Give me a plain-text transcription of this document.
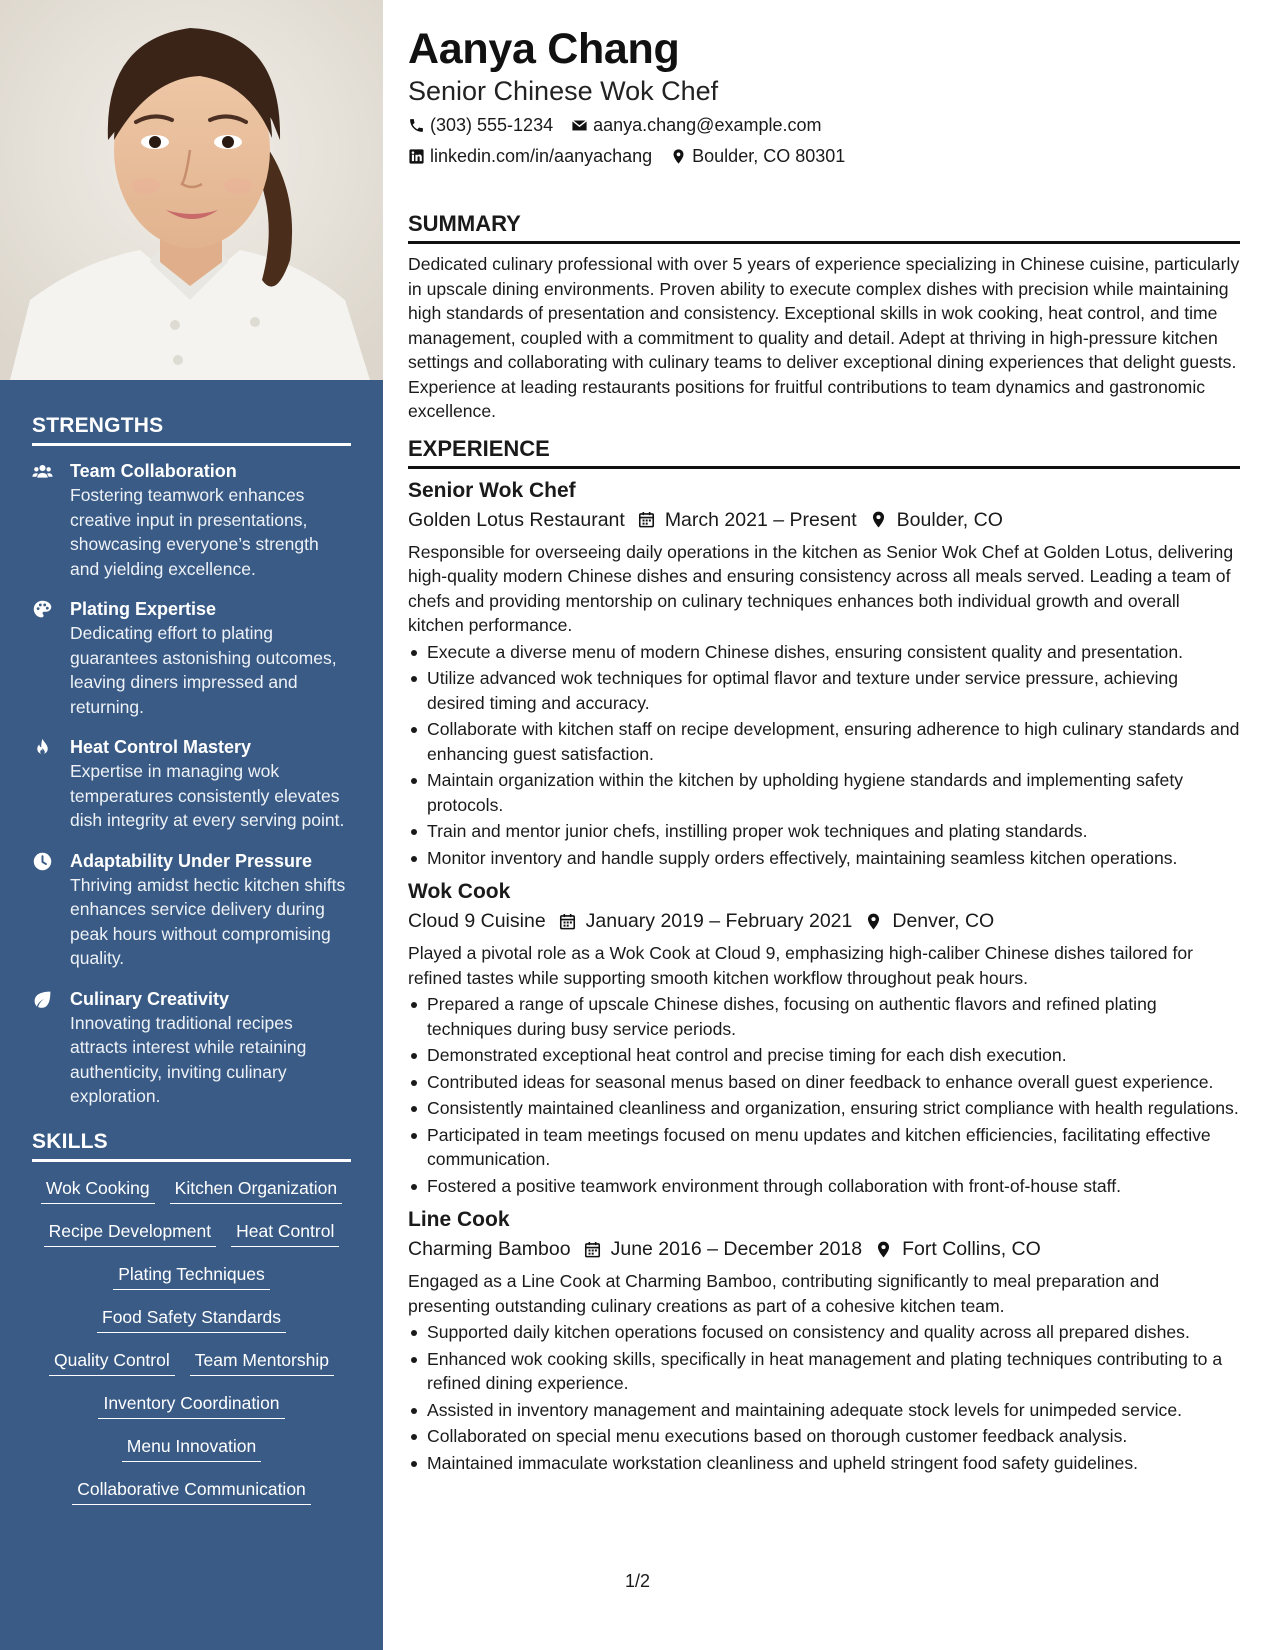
STRENGTHS
Team Collaboration
Fostering teamwork enhances creative input in presentations, showcasing everyone’s strength and yielding excellence.
Plating Expertise
Dedicating effort to plating guarantees astonishing outcomes, leaving diners impressed and returning.
Heat Control Mastery
Expertise in managing wok temperatures consistently elevates dish integrity at every serving point.
Adaptability Under Pressure
Thriving amidst hectic kitchen shifts enhances service delivery during peak hours without compromising quality.
Culinary Creativity
Innovating traditional recipes attracts interest while retaining authenticity, inviting culinary exploration.
SKILLS
Wok Cooking Kitchen Organization
Recipe Development Heat Control
Plating Techniques
Food Safety Standards
Quality Control Team Mentorship
Inventory Coordination
Menu Innovation
Collaborative Communication
Aanya Chang
Senior Chinese Wok Chef
(303) 555-1234 aanya.chang@example.com
linkedin.com/in/aanyachang Boulder, CO 80301
SUMMARY

Dedicated culinary professional with over 5 years of experience specializing in Chinese cuisine, particularly in upscale dining environments. Proven ability to execute complex dishes with precision while maintaining high standards of presentation and consistency. Exceptional skills in wok cooking, heat control, and time management, coupled with a commitment to quality and detail. Adept at thriving in high-pressure kitchen settings and collaborating with culinary teams to deliver exceptional dining experiences that delight guests. Experience at leading restaurants positions for fruitful contributions to team dynamics and gastronomic excellence.

EXPERIENCE
Senior Wok Chef
Golden Lotus Restaurant March 2021 – Present Boulder, CO

Responsible for overseeing daily operations in the kitchen as Senior Wok Chef at Golden Lotus, delivering high-quality modern Chinese dishes and ensuring consistency across all meals served. Leading a team of chefs and providing mentorship on culinary techniques enhances both individual growth and overall kitchen performance.

Execute a diverse menu of modern Chinese dishes, ensuring consistent quality and presentation.
Utilize advanced wok techniques for optimal flavor and texture under service pressure, achieving desired timing and accuracy.
Collaborate with kitchen staff on recipe development, ensuring adherence to high culinary standards and enhancing guest satisfaction.
Maintain organization within the kitchen by upholding hygiene standards and implementing safety protocols.
Train and mentor junior chefs, instilling proper wok techniques and plating standards.
Monitor inventory and handle supply orders effectively, maintaining seamless kitchen operations.
Wok Cook
Cloud 9 Cuisine January 2019 – February 2021 Denver, CO

Played a pivotal role as a Wok Cook at Cloud 9, emphasizing high-caliber Chinese dishes tailored for refined tastes while supporting smooth kitchen workflow throughout peak hours.

Prepared a range of upscale Chinese dishes, focusing on authentic flavors and refined plating techniques during busy service periods.
Demonstrated exceptional heat control and precise timing for each dish execution.
Contributed ideas for seasonal menus based on diner feedback to enhance overall guest experience.
Consistently maintained cleanliness and organization, ensuring strict compliance with health regulations.
Participated in team meetings focused on menu updates and kitchen efficiencies, facilitating effective communication.
Fostered a positive teamwork environment through collaboration with front-of-house staff.
Line Cook
Charming Bamboo June 2016 – December 2018 Fort Collins, CO

Engaged as a Line Cook at Charming Bamboo, contributing significantly to meal preparation and presenting outstanding culinary creations as part of a cohesive kitchen team.

Supported daily kitchen operations focused on consistency and quality across all prepared dishes.
Enhanced wok cooking skills, specifically in heat management and plating techniques contributing to a refined dining experience.
Assisted in inventory management and maintaining adequate stock levels for unimpeded service.
Collaborated on special menu executions based on thorough customer feedback analysis.
Maintained immaculate workstation cleanliness and upheld stringent food safety guidelines.
1/2
